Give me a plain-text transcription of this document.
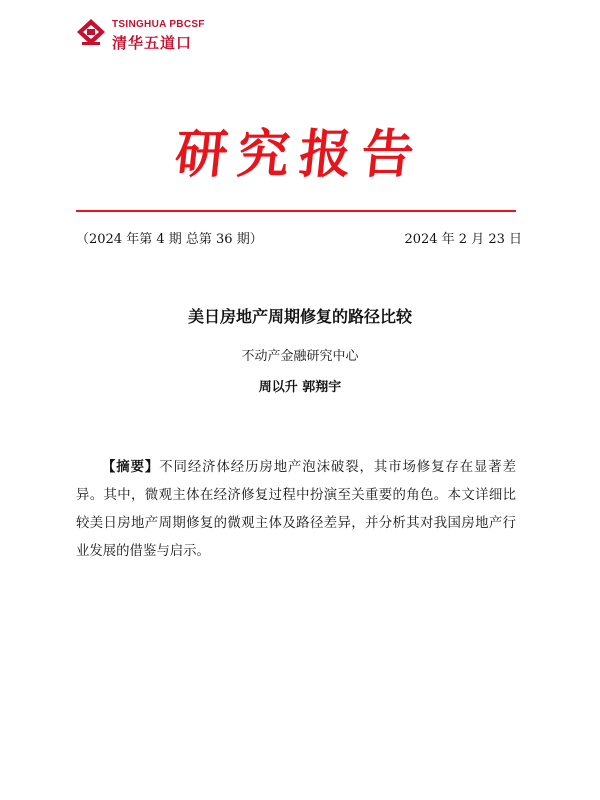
TSINGHUA PBCSF
清华五道口
研究报告
（2024 年第 4 期 总第 36 期）	2024 年 2 月 23 日
美日房地产周期修复的路径比较
不动产金融研究中心
周以升 郭翔宇
【摘要】不同经济体经历房地产泡沫破裂，其市场修复存在显著差异。其中，微观主体在经济修复过程中扮演至关重要的角色。本文详细比较美日房地产周期修复的微观主体及路径差异，并分析其对我国房地产行业发展的借鉴与启示。
